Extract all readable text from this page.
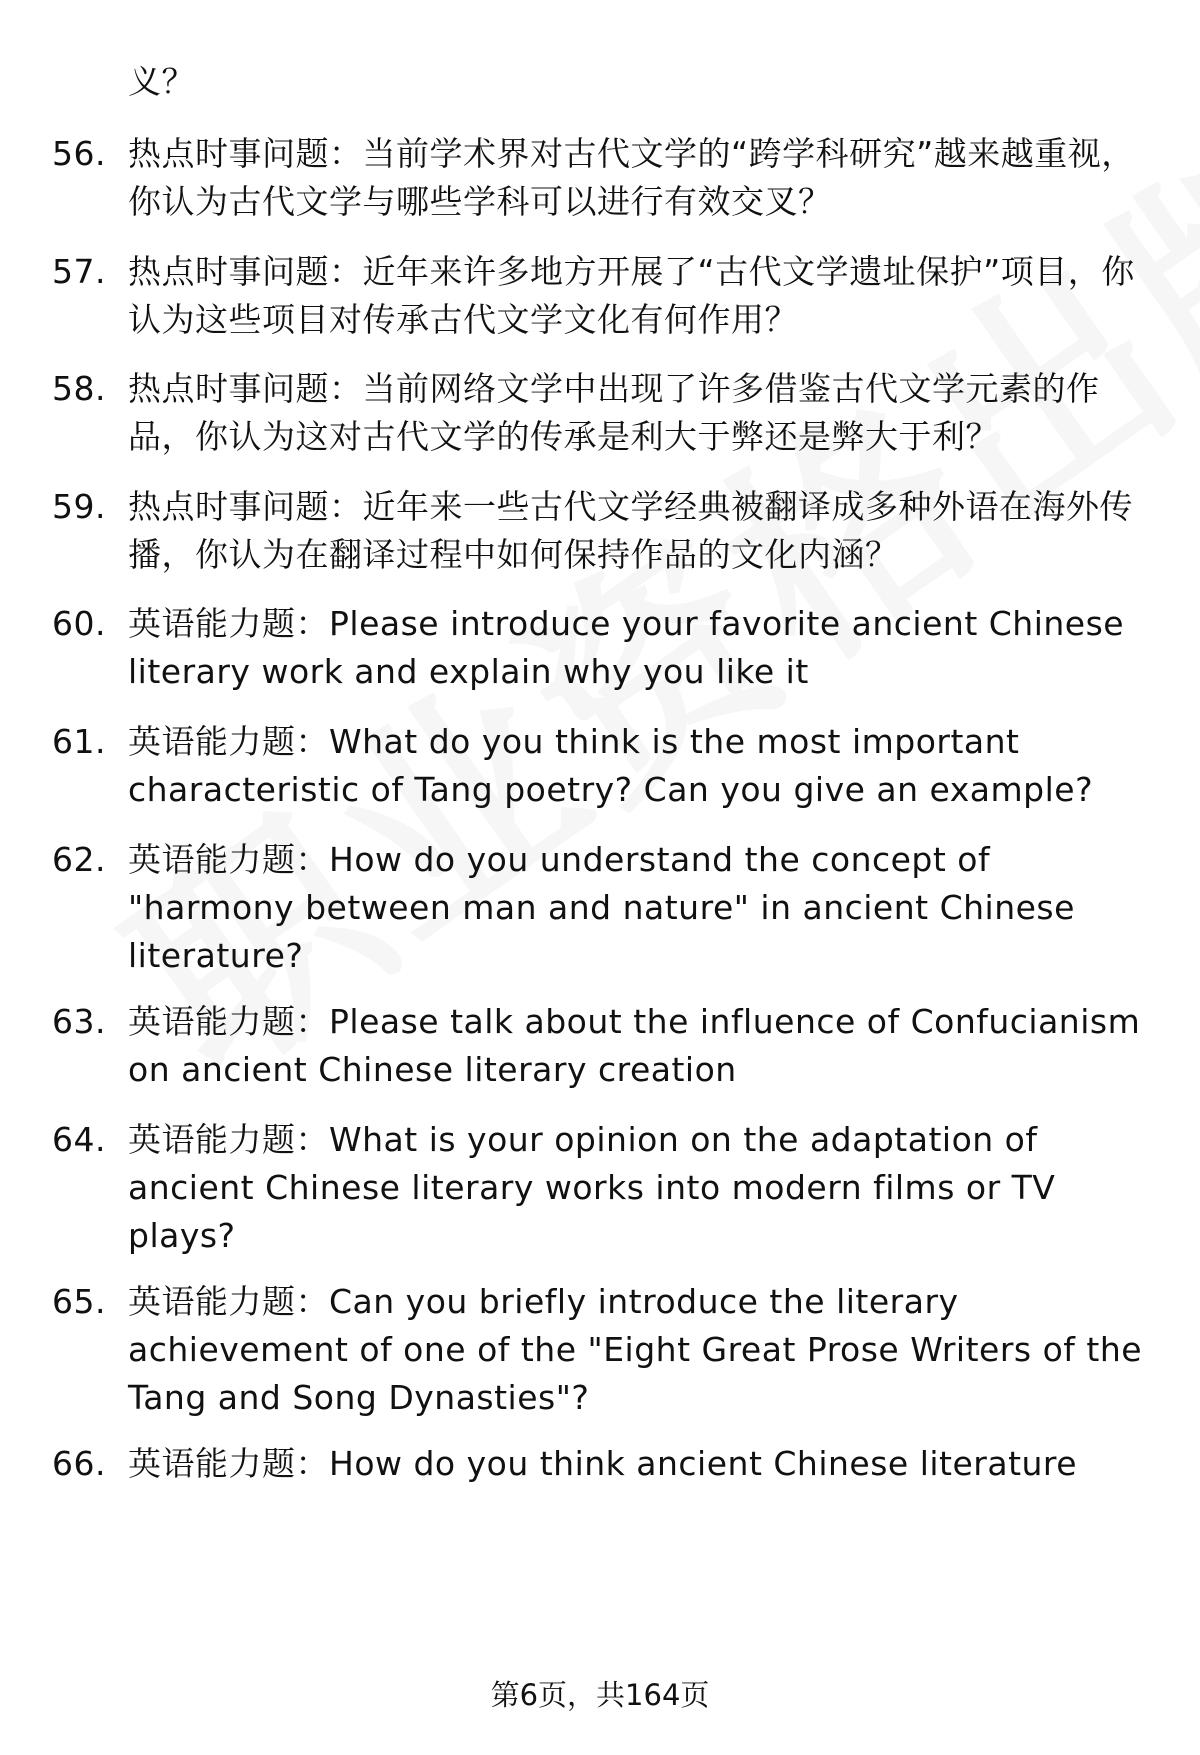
义？
56. 热点时事问题：当前学术界对古代文学的“跨学科研究”越来越重视，你认为古代文学与哪些学科可以进行有效交叉？
57. 热点时事问题：近年来许多地方开展了“古代文学遗址保护”项目，你认为这些项目对传承古代文学文化有何作用？
58. 热点时事问题：当前网络文学中出现了许多借鉴古代文学元素的作品，你认为这对古代文学的传承是利大于弊还是弊大于利？
59. 热点时事问题：近年来一些古代文学经典被翻译成多种外语在海外传播，你认为在翻译过程中如何保持作品的文化内涵？
60. 英语能力题：Please introduce your favorite ancient Chinese literary work and explain why you like it
61. 英语能力题：What do you think is the most important characteristic of Tang poetry? Can you give an example?
62. 英语能力题：How do you understand the concept of "harmony between man and nature" in ancient Chinese literature?
63. 英语能力题：Please talk about the influence of Confucianism on ancient Chinese literary creation
64. 英语能力题：What is your opinion on the adaptation of ancient Chinese literary works into modern films or TV plays?
65. 英语能力题：Can you briefly introduce the literary achievement of one of the "Eight Great Prose Writers of the Tang and Song Dynasties"?
66. 英语能力题：How do you think ancient Chinese literature
第6页，共164页
